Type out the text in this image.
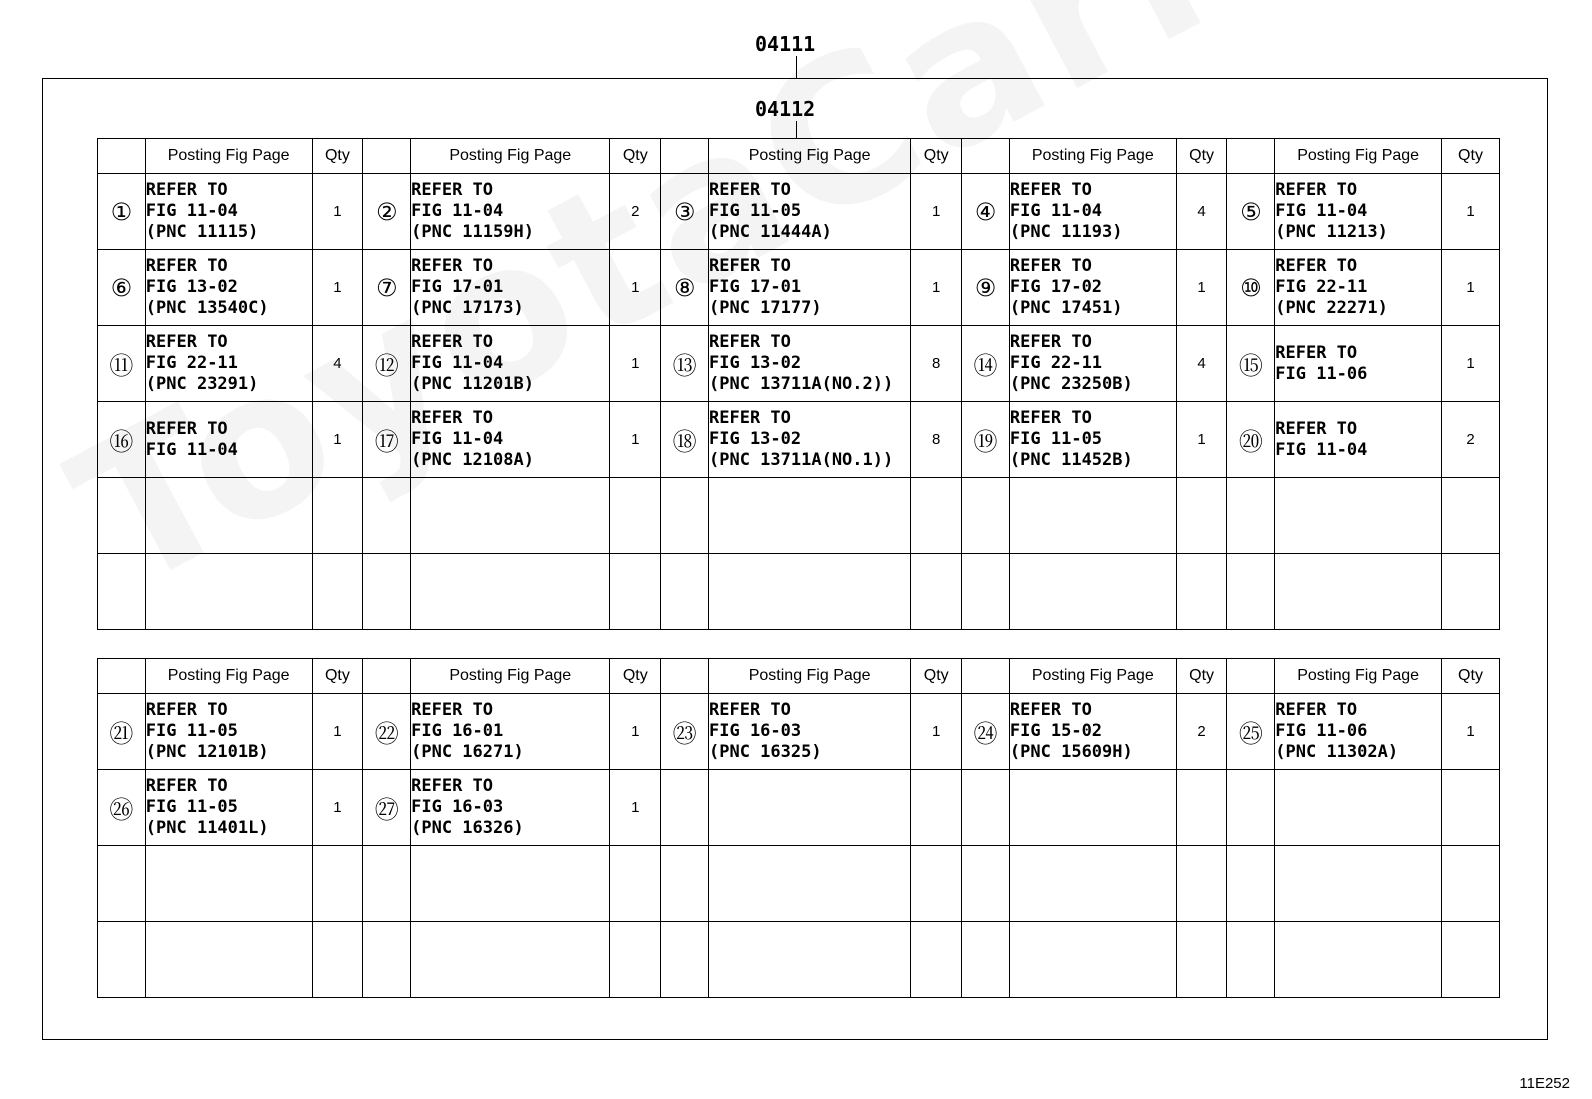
04111
04112
	Posting Fig Page	Qty		Posting Fig Page	Qty		Posting Fig Page	Qty		Posting Fig Page	Qty		Posting Fig Page	Qty
①	REFER TO
FIG 11-04
(PNC 11115)	1	②	REFER TO
FIG 11-04
(PNC 11159H)	2	③	REFER TO
FIG 11-05
(PNC 11444A)	1	④	REFER TO
FIG 11-04
(PNC 11193)	4	⑤	REFER TO
FIG 11-04
(PNC 11213)	1
⑥	REFER TO
FIG 13-02
(PNC 13540C)	1	⑦	REFER TO
FIG 17-01
(PNC 17173)	1	⑧	REFER TO
FIG 17-01
(PNC 17177)	1	⑨	REFER TO
FIG 17-02
(PNC 17451)	1	⑩	REFER TO
FIG 22-11
(PNC 22271)	1
⑪	REFER TO
FIG 22-11
(PNC 23291)	4	⑫	REFER TO
FIG 11-04
(PNC 11201B)	1	⑬	REFER TO
FIG 13-02
(PNC 13711A(NO.2))	8	⑭	REFER TO
FIG 22-11
(PNC 23250B)	4	⑮	REFER TO
FIG 11-06	1
⑯	REFER TO
FIG 11-04	1	⑰	REFER TO
FIG 11-04
(PNC 12108A)	1	⑱	REFER TO
FIG 13-02
(PNC 13711A(NO.1))	8	⑲	REFER TO
FIG 11-05
(PNC 11452B)	1	⑳	REFER TO
FIG 11-04	2

	Posting Fig Page	Qty		Posting Fig Page	Qty		Posting Fig Page	Qty		Posting Fig Page	Qty		Posting Fig Page	Qty
㉑	REFER TO
FIG 11-05
(PNC 12101B)	1	㉒	REFER TO
FIG 16-01
(PNC 16271)	1	㉓	REFER TO
FIG 16-03
(PNC 16325)	1	㉔	REFER TO
FIG 15-02
(PNC 15609H)	2	㉕	REFER TO
FIG 11-06
(PNC 11302A)	1
㉖	REFER TO
FIG 11-05
(PNC 11401L)	1	㉗	REFER TO
FIG 16-03
(PNC 16326)	1									

11E252
